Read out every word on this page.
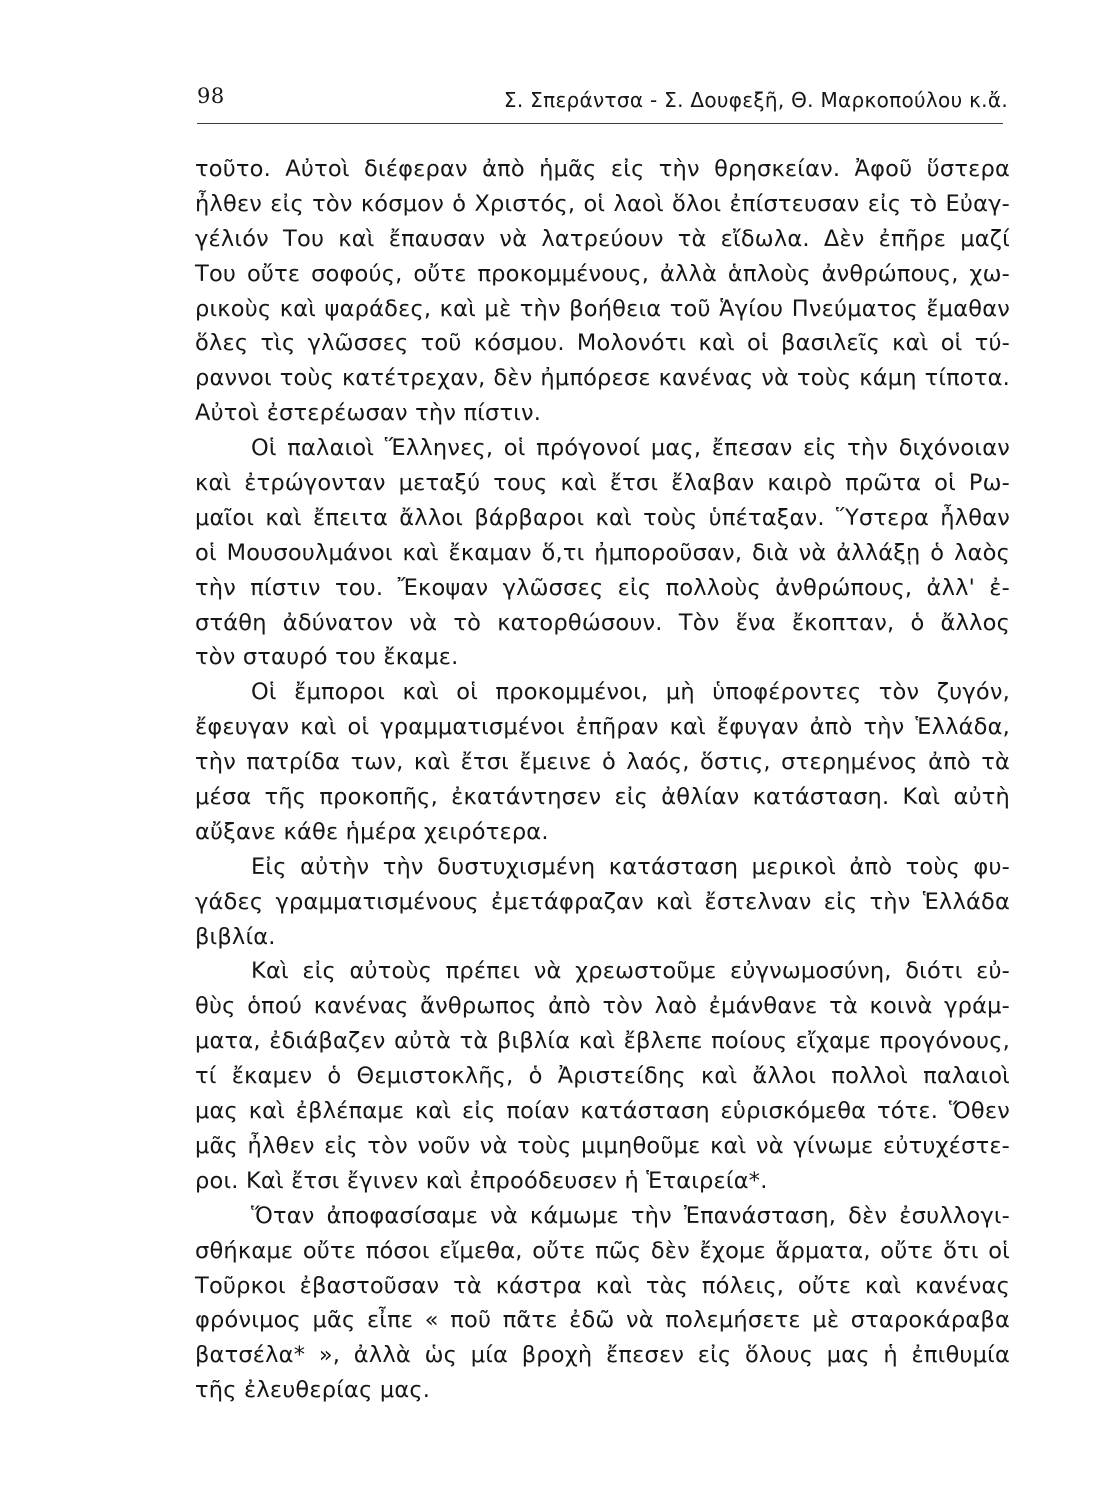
98	Σ. Σπεράντσα - Σ. Δουφεξῆ, Θ. Μαρκοπούλου κ.ἄ.
τοῦτο. Αὐτοὶ διέφεραν ἀπὸ ἡμᾶς εἰς τὴν θρησκείαν. Ἀφοῦ ὕστερα
ἦλθεν εἰς τὸν κόσμον ὁ Χριστός, οἱ λαοὶ ὅλοι ἐπίστευσαν εἰς τὸ Εὐαγ-
γέλιόν Του καὶ ἔπαυσαν νὰ λατρεύουν τὰ εἴδωλα. Δὲν ἐπῆρε μαζί
Του οὔτε σοφούς, οὔτε προκομμένους, ἀλλὰ ἁπλοὺς ἀνθρώπους, χω-
ρικοὺς καὶ ψαράδες, καὶ μὲ τὴν βοήθεια τοῦ Ἁγίου Πνεύματος ἔμαθαν
ὅλες τὶς γλῶσσες τοῦ κόσμου. Μολονότι καὶ οἱ βασιλεῖς καὶ οἱ τύ-
ραννοι τοὺς κατέτρεχαν, δὲν ἠμπόρεσε κανένας νὰ τοὺς κάμη τίποτα.
Αὐτοὶ ἐστερέωσαν τὴν πίστιν.
Οἱ παλαιοὶ Ἕλληνες, οἱ πρόγονοί μας, ἔπεσαν εἰς τὴν διχόνοιαν
καὶ ἐτρώγονταν μεταξύ τους καὶ ἔτσι ἔλαβαν καιρὸ πρῶτα οἱ Ρω-
μαῖοι καὶ ἔπειτα ἄλλοι βάρβαροι καὶ τοὺς ὑπέταξαν. Ὕστερα ἦλθαν
οἱ Μουσουλμάνοι καὶ ἔκαμαν ὅ,τι ἠμποροῦσαν, διὰ νὰ ἀλλάξῃ ὁ λαὸς
τὴν πίστιν του. Ἔκοψαν γλῶσσες εἰς πολλοὺς ἀνθρώπους, ἀλλ' ἐ-
στάθη ἀδύνατον νὰ τὸ κατορθώσουν. Τὸν ἕνα ἔκοπταν, ὁ ἄλλος
τὸν σταυρό του ἔκαμε.
Οἱ ἔμποροι καὶ οἱ προκομμένοι, μὴ ὑποφέροντες τὸν ζυγόν,
ἔφευγαν καὶ οἱ γραμματισμένοι ἐπῆραν καὶ ἔφυγαν ἀπὸ τὴν Ἑλλάδα,
τὴν πατρίδα των, καὶ ἔτσι ἔμεινε ὁ λαός, ὅστις, στερημένος ἀπὸ τὰ
μέσα τῆς προκοπῆς, ἐκατάντησεν εἰς ἀθλίαν κατάσταση. Καὶ αὐτὴ
αὔξανε κάθε ἡμέρα χειρότερα.
Εἰς αὐτὴν τὴν δυστυχισμένη κατάσταση μερικοὶ ἀπὸ τοὺς φυ-
γάδες γραμματισμένους ἐμετάφραζαν καὶ ἔστελναν εἰς τὴν Ἑλλάδα
βιβλία.
Καὶ εἰς αὐτοὺς πρέπει νὰ χρεωστοῦμε εὐγνωμοσύνη, διότι εὐ-
θὺς ὁπού κανένας ἄνθρωπος ἀπὸ τὸν λαὸ ἐμάνθανε τὰ κοινὰ γράμ-
ματα, ἐδιάβαζεν αὐτὰ τὰ βιβλία καὶ ἔβλεπε ποίους εἴχαμε προγόνους,
τί ἔκαμεν ὁ Θεμιστοκλῆς, ὁ Ἀριστείδης καὶ ἄλλοι πολλοὶ παλαιοὶ
μας καὶ ἐβλέπαμε καὶ εἰς ποίαν κατάσταση εὑρισκόμεθα τότε. Ὅθεν
μᾶς ἦλθεν εἰς τὸν νοῦν νὰ τοὺς μιμηθοῦμε καὶ νὰ γίνωμε εὐτυχέστε-
ροι. Καὶ ἔτσι ἔγινεν καὶ ἐπροόδευσεν ἡ Ἑταιρεία*.
Ὅταν ἀποφασίσαμε νὰ κάμωμε τὴν Ἐπανάσταση, δὲν ἐσυλλογι-
σθήκαμε οὔτε πόσοι εἴμεθα, οὔτε πῶς δὲν ἔχομε ἅρματα, οὔτε ὅτι οἱ
Τοῦρκοι ἐβαστοῦσαν τὰ κάστρα καὶ τὰς πόλεις, οὔτε καὶ κανένας
φρόνιμος μᾶς εἶπε « ποῦ πᾶτε ἐδῶ νὰ πολεμήσετε μὲ σταροκάραβα
βατσέλα* », ἀλλὰ ὡς μία βροχὴ ἔπεσεν εἰς ὅλους μας ἡ ἐπιθυμία
τῆς ἐλευθερίας μας.
